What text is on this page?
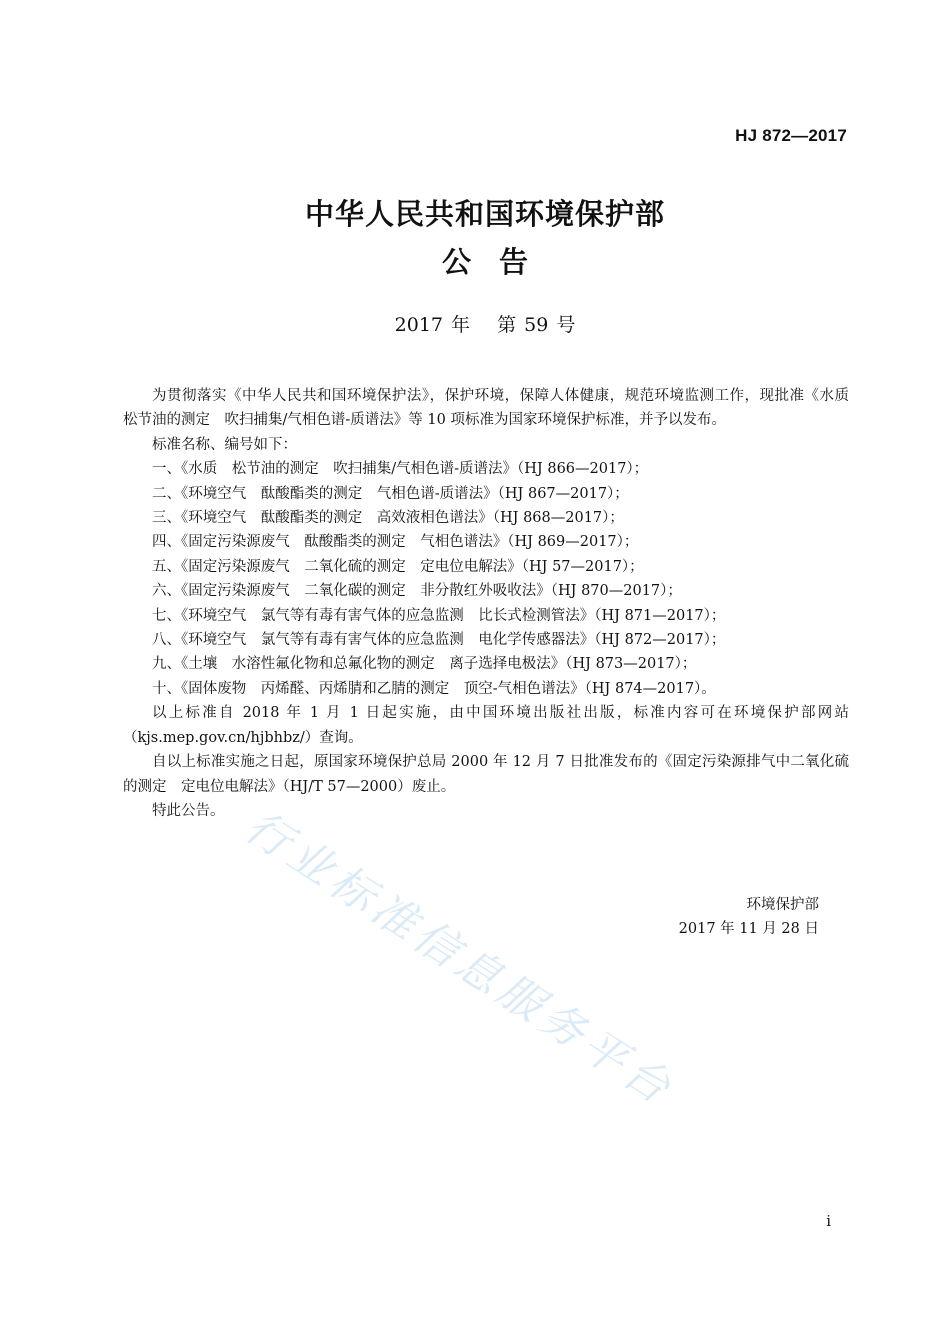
HJ 872—2017
中华人民共和国环境保护部
公告
2017 年　 第 59 号

为贯彻落实《中华人民共和国环境保护法》，保护环境，保障人体健康，规范环境监测工作，现批准《水质　松节油的测定　吹扫捕集/气相色谱-质谱法》等 10 项标准为国家环境保护标准，并予以发布。

标准名称、编号如下：

一、《水质　松节油的测定　吹扫捕集/气相色谱-质谱法》（HJ 866—2017）；
二、《环境空气　酞酸酯类的测定　气相色谱-质谱法》（HJ 867—2017）；
三、《环境空气　酞酸酯类的测定　高效液相色谱法》（HJ 868—2017）；
四、《固定污染源废气　酞酸酯类的测定　气相色谱法》（HJ 869—2017）；
五、《固定污染源废气　二氧化硫的测定　定电位电解法》（HJ 57—2017）；
六、《固定污染源废气　二氧化碳的测定　非分散红外吸收法》（HJ 870—2017）；
七、《环境空气　氯气等有毒有害气体的应急监测　比长式检测管法》（HJ 871—2017）；
八、《环境空气　氯气等有毒有害气体的应急监测　电化学传感器法》（HJ 872—2017）；
九、《土壤　水溶性氟化物和总氟化物的测定　离子选择电极法》（HJ 873—2017）；
十、《固体废物　丙烯醛、丙烯腈和乙腈的测定　顶空-气相色谱法》（HJ 874—2017）。

以上标准自 2018 年 1 月 1 日起实施，由中国环境出版社出版，标准内容可在环境保护部网站（kjs.mep.gov.cn/hjbhbz/）查询。

自以上标准实施之日起，原国家环境保护总局 2000 年 12 月 7 日批准发布的《固定污染源排气中二氧化硫的测定　定电位电解法》（HJ/T 57—2000）废止。

特此公告。

环境保护部
2017 年 11 月 28 日
行业标准信息服务平台
i
